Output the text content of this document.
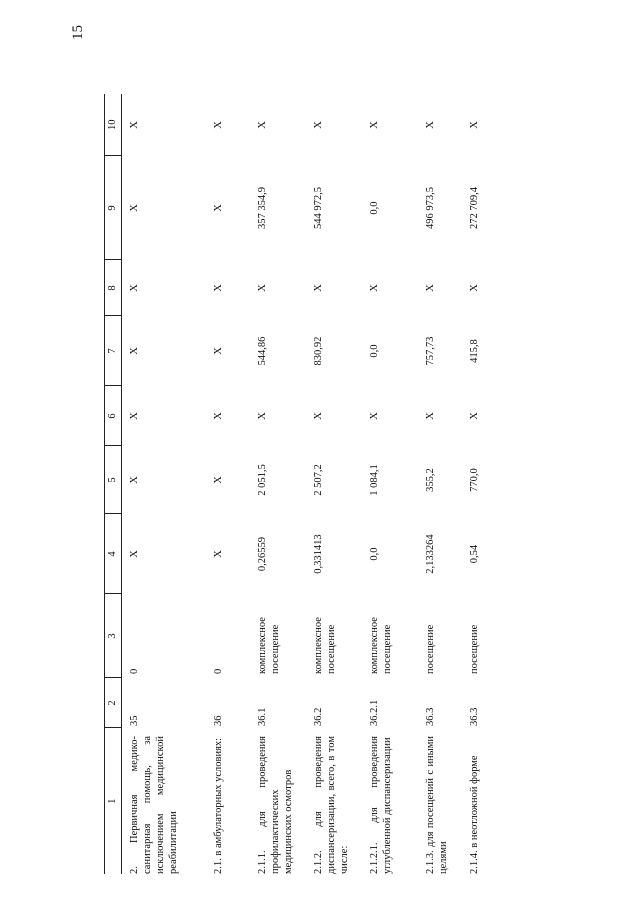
15
1	2	3	4	5	6	7	8	9	10
2. Первичная медико-санитарная помощь, за исключением медицинской реабилитации	35	0	X	X	X	X	X	X	X
2.1. в амбулаторных условиях:	36	0	X	X	X	X	X	X	X
2.1.1. для проведения профилактических медицинских осмотров	36.1	комплексное посещение	0,26559	2 051,5	X	544,86	X	357 354,9	X
2.1.2. для проведения диспансеризации, всего, в том числе:	36.2	комплексное посещение	0,331413	2 507,2	X	830,92	X	544 972,5	X
2.1.2.1. для проведения углубленной диспансеризации	36.2.1	комплексное посещение	0,0	1 084,1	X	0,0	X	0,0	X
2.1.3. для посещений с иными целями	36.3	посещение	2,133264	355,2	X	757,73	X	496 973,5	X
2.1.4. в неотложной форме	36.3	посещение	0,54	770,0	X	415,8	X	272 709,4	X
